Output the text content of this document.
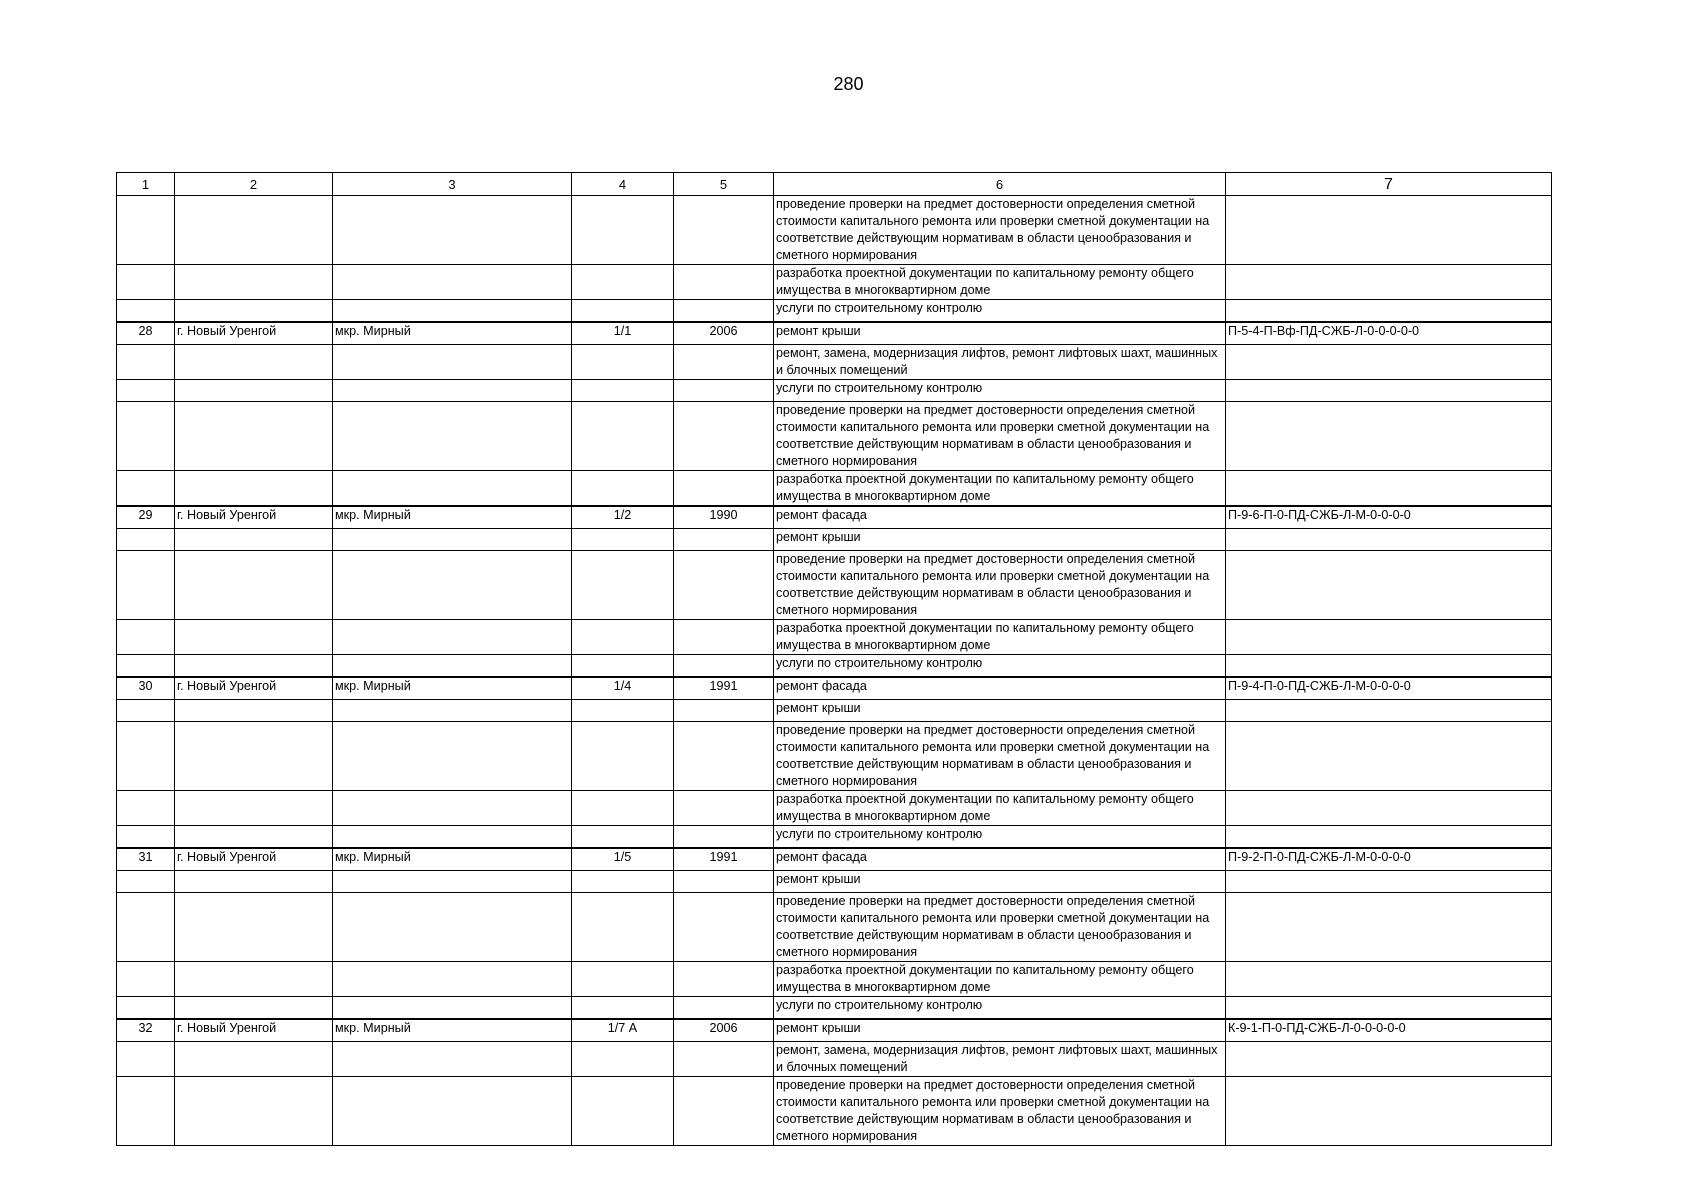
280
1	2	3	4	5	6	7
					проведение проверки на предмет достоверности определения сметной стоимости капитального ремонта или проверки сметной документации на соответствие действующим нормативам в области ценообразования и сметного нормирования	
					разработка проектной документации по капитальному ремонту общего имущества в многоквартирном доме	
					услуги по строительному контролю	
28	г. Новый Уренгой	мкр. Мирный	1/1	2006	ремонт крыши	П-5-4-П-Вф-ПД-СЖБ-Л-0-0-0-0-0
					ремонт, замена, модернизация лифтов, ремонт лифтовых шахт, машинных и блочных помещений	
					услуги по строительному контролю	
					проведение проверки на предмет достоверности определения сметной стоимости капитального ремонта или проверки сметной документации на соответствие действующим нормативам в области ценообразования и сметного нормирования	
					разработка проектной документации по капитальному ремонту общего имущества в многоквартирном доме	
29	г. Новый Уренгой	мкр. Мирный	1/2	1990	ремонт фасада	П-9-6-П-0-ПД-СЖБ-Л-М-0-0-0-0
					ремонт крыши	
					проведение проверки на предмет достоверности определения сметной стоимости капитального ремонта или проверки сметной документации на соответствие действующим нормативам в области ценообразования и сметного нормирования	
					разработка проектной документации по капитальному ремонту общего имущества в многоквартирном доме	
					услуги по строительному контролю	
30	г. Новый Уренгой	мкр. Мирный	1/4	1991	ремонт фасада	П-9-4-П-0-ПД-СЖБ-Л-М-0-0-0-0
					ремонт крыши	
					проведение проверки на предмет достоверности определения сметной стоимости капитального ремонта или проверки сметной документации на соответствие действующим нормативам в области ценообразования и сметного нормирования	
					разработка проектной документации по капитальному ремонту общего имущества в многоквартирном доме	
					услуги по строительному контролю	
31	г. Новый Уренгой	мкр. Мирный	1/5	1991	ремонт фасада	П-9-2-П-0-ПД-СЖБ-Л-М-0-0-0-0
					ремонт крыши	
					проведение проверки на предмет достоверности определения сметной стоимости капитального ремонта или проверки сметной документации на соответствие действующим нормативам в области ценообразования и сметного нормирования	
					разработка проектной документации по капитальному ремонту общего имущества в многоквартирном доме	
					услуги по строительному контролю	
32	г. Новый Уренгой	мкр. Мирный	1/7 А	2006	ремонт крыши	К-9-1-П-0-ПД-СЖБ-Л-0-0-0-0-0
					ремонт, замена, модернизация лифтов, ремонт лифтовых шахт, машинных и блочных помещений	
					проведение проверки на предмет достоверности определения сметной стоимости капитального ремонта или проверки сметной документации на соответствие действующим нормативам в области ценообразования и сметного нормирования	
